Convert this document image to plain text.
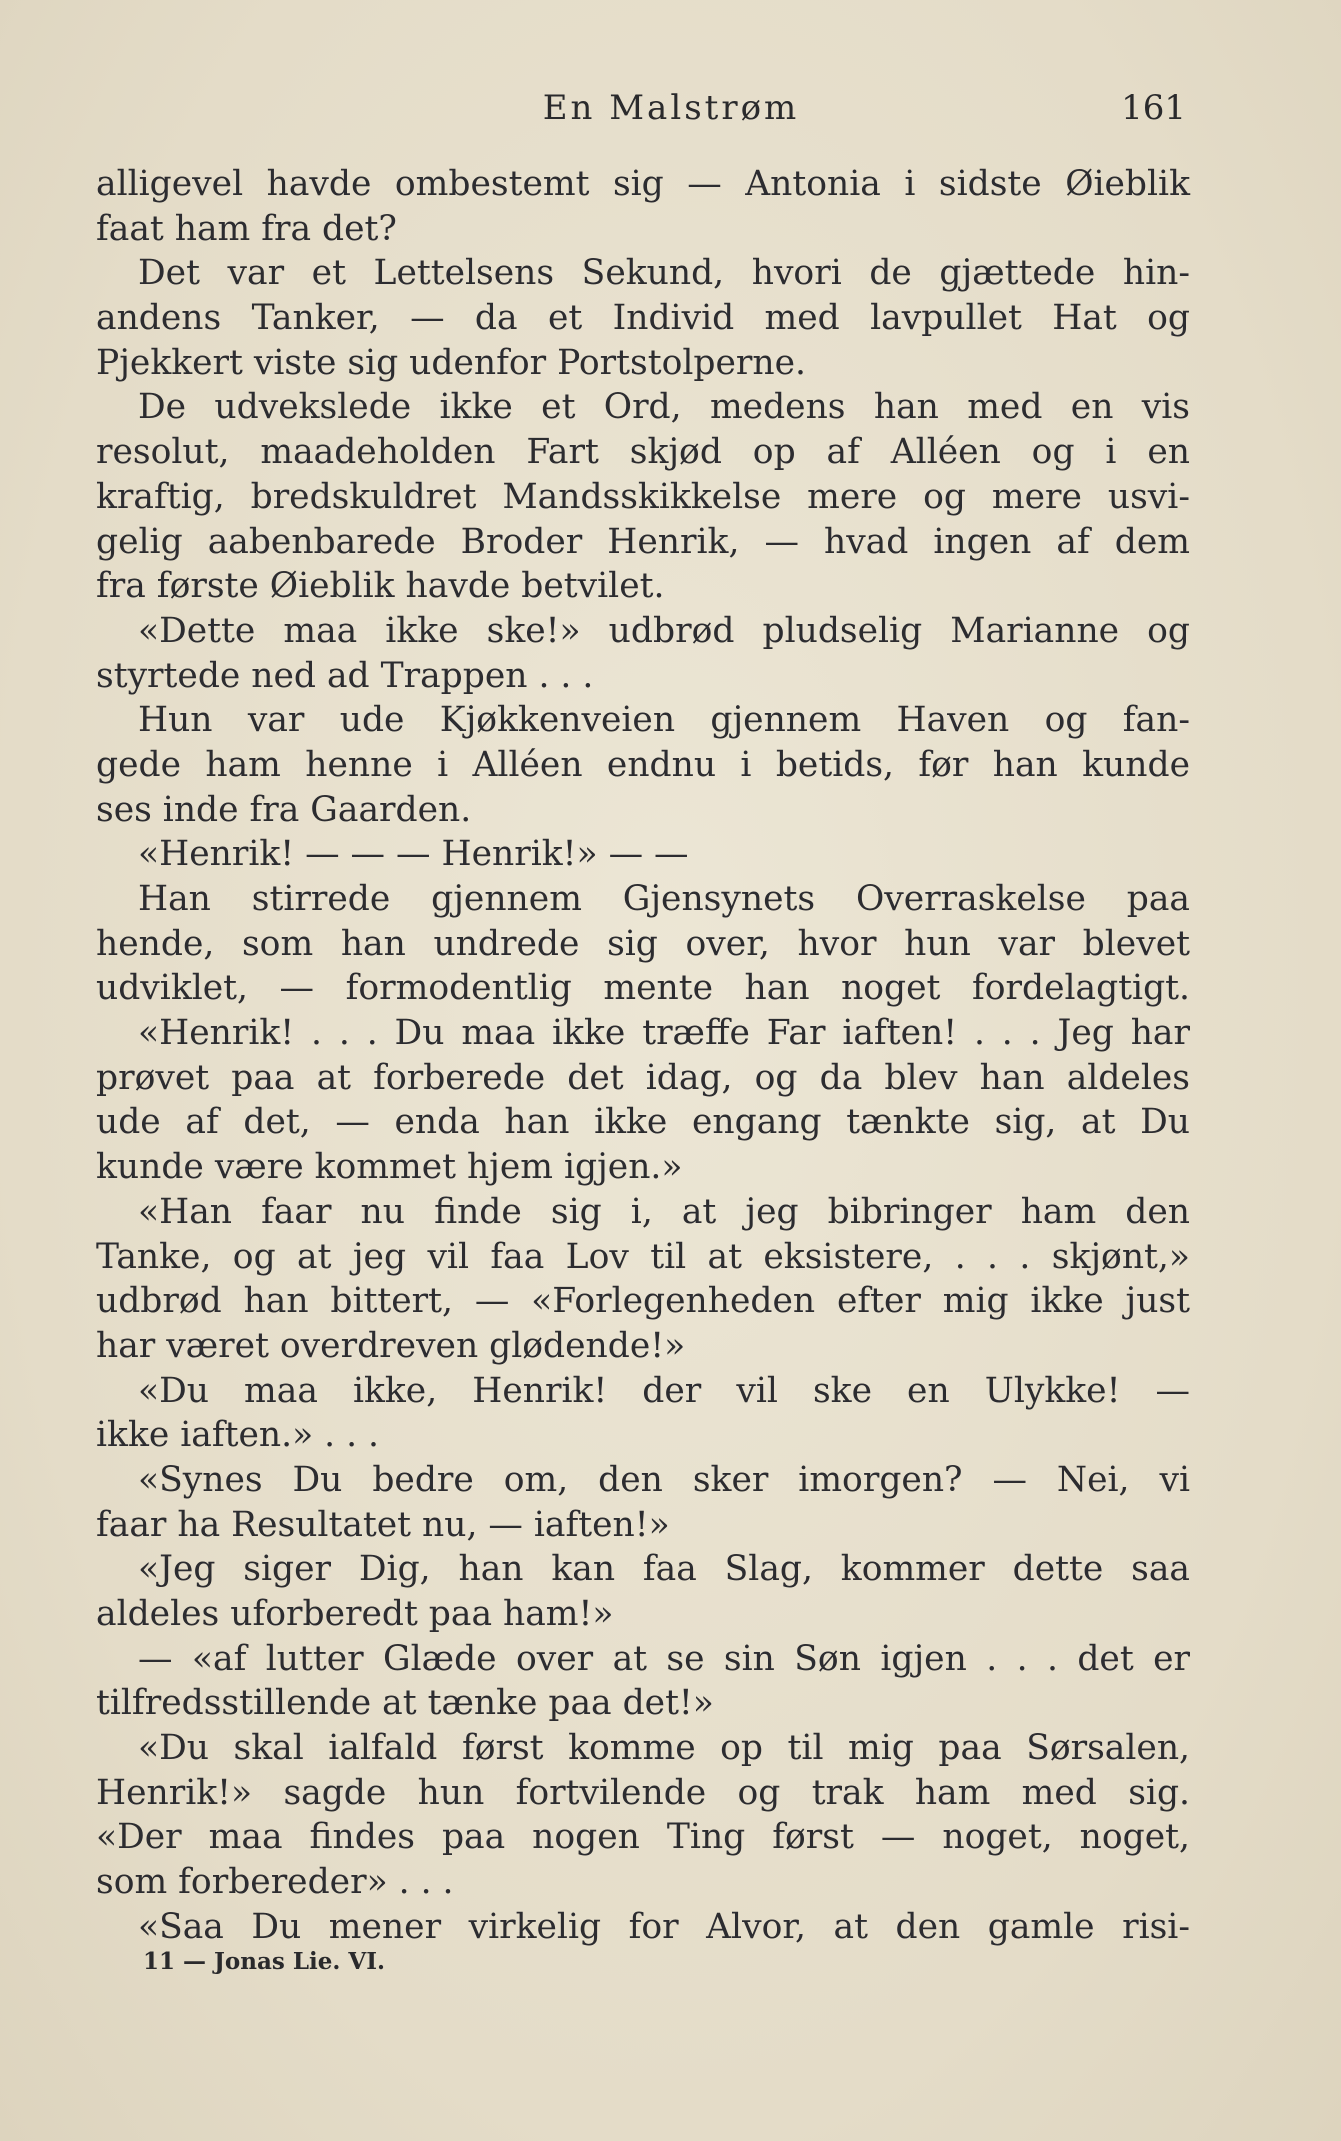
En Malstrøm	161
alligevel havde ombestemt sig — Antonia i sidste Øieblik
faat ham fra det?
Det var et Lettelsens Sekund, hvori de gjættede hin-
andens Tanker, — da et Individ med lavpullet Hat og
Pjekkert viste sig udenfor Portstolperne.
De udvekslede ikke et Ord, medens han med en vis
resolut, maadeholden Fart skjød op af Alléen og i en
kraftig, bredskuldret Mandsskikkelse mere og mere usvi-
gelig aabenbarede Broder Henrik, — hvad ingen af dem
fra første Øieblik havde betvilet.
«Dette maa ikke ske!» udbrød pludselig Marianne og
styrtede ned ad Trappen . . .
Hun var ude Kjøkkenveien gjennem Haven og fan-
gede ham henne i Alléen endnu i betids, før han kunde
ses inde fra Gaarden.
«Henrik! — — — Henrik!» — —
Han stirrede gjennem Gjensynets Overraskelse paa
hende, som han undrede sig over, hvor hun var blevet
udviklet, — formodentlig mente han noget fordelagtigt.
«Henrik! . . . Du maa ikke træffe Far iaften! . . . Jeg har
prøvet paa at forberede det idag, og da blev han aldeles
ude af det, — enda han ikke engang tænkte sig, at Du
kunde være kommet hjem igjen.»
«Han faar nu finde sig i, at jeg bibringer ham den
Tanke, og at jeg vil faa Lov til at eksistere, . . . skjønt,»
udbrød han bittert, — «Forlegenheden efter mig ikke just
har været overdreven glødende!»
«Du maa ikke, Henrik! der vil ske en Ulykke! —
ikke iaften.» . . .
«Synes Du bedre om, den sker imorgen? — Nei, vi
faar ha Resultatet nu, — iaften!»
«Jeg siger Dig, han kan faa Slag, kommer dette saa
aldeles uforberedt paa ham!»
— «af lutter Glæde over at se sin Søn igjen . . . det er
tilfredsstillende at tænke paa det!»
«Du skal ialfald først komme op til mig paa Sørsalen,
Henrik!» sagde hun fortvilende og trak ham med sig.
«Der maa findes paa nogen Ting først — noget, noget,
som forbereder» . . .
«Saa Du mener virkelig for Alvor, at den gamle risi-
11 — Jonas Lie. VI.
